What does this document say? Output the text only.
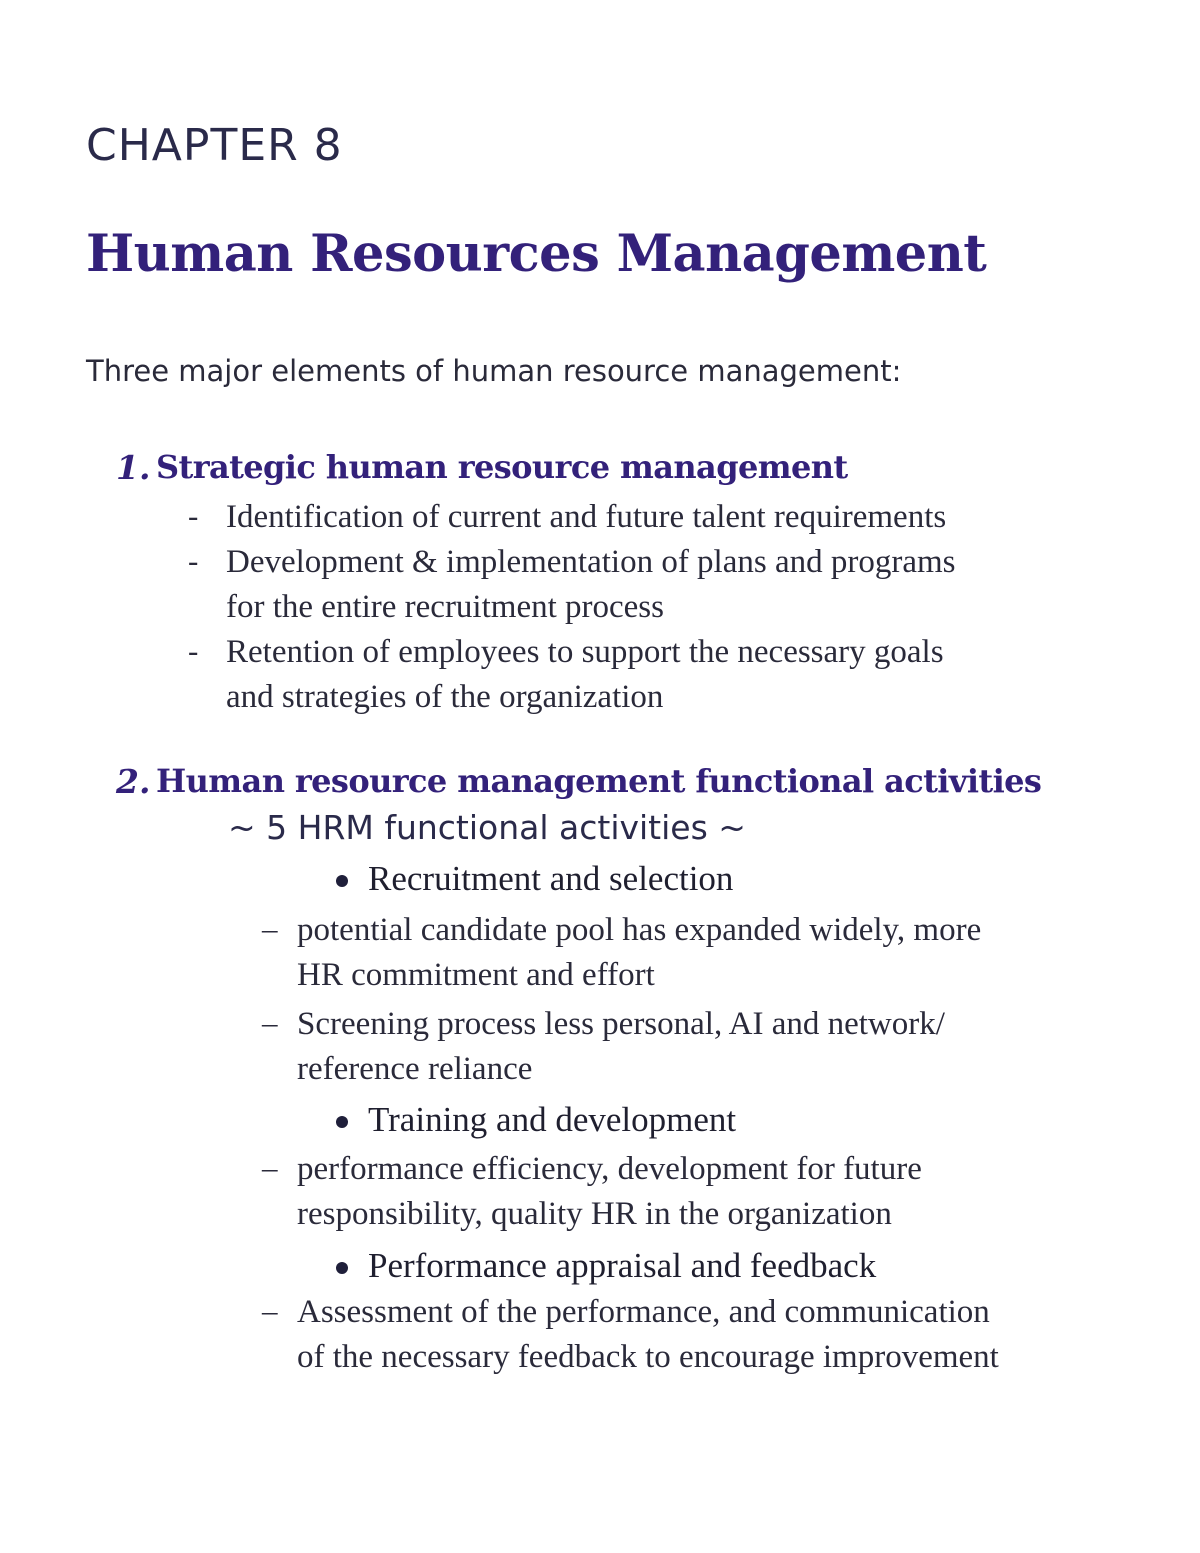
CHAPTER 8
Human Resources Management
Three major elements of human resource management:
1. Strategic human resource management
- Identification of current and future talent requirements
- Development & implementation of plans and programs
for the entire recruitment process
- Retention of employees to support the necessary goals
and strategies of the organization
2. Human resource management functional activities
~ 5 HRM functional activities ~
Recruitment and selection
– potential candidate pool has expanded widely, more
HR commitment and effort
– Screening process less personal, AI and network/
reference reliance
Training and development
– performance efficiency, development for future
responsibility, quality HR in the organization
Performance appraisal and feedback
– Assessment of the performance, and communication
of the necessary feedback to encourage improvement
